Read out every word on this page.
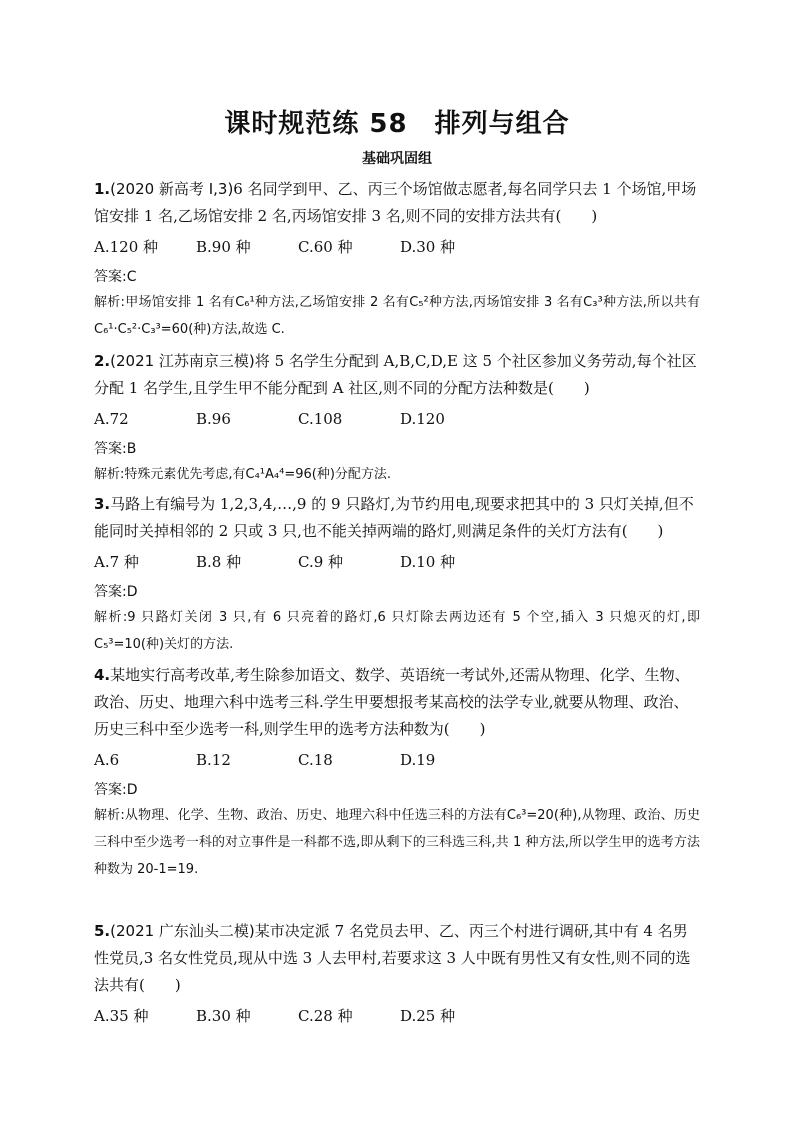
课时规范练 58　排列与组合
基础巩固组
1.(2020 新高考 Ⅰ,3)6 名同学到甲、乙、丙三个场馆做志愿者,每名同学只去 1 个场馆,甲场馆安排 1 名,乙场馆安排 2 名,丙场馆安排 3 名,则不同的安排方法共有(　　)
A.120 种	B.90 种	C.60 种	D.30 种
答案:C
解析:甲场馆安排 1 名有C₆¹种方法,乙场馆安排 2 名有C₅²种方法,丙场馆安排 3 名有C₃³种方法,所以共有C₆¹·C₅²·C₃³=60(种)方法,故选 C.
2.(2021 江苏南京三模)将 5 名学生分配到 A,B,C,D,E 这 5 个社区参加义务劳动,每个社区分配 1 名学生,且学生甲不能分配到 A 社区,则不同的分配方法种数是(　　)
A.72	B.96	C.108	D.120
答案:B
解析:特殊元素优先考虑,有C₄¹A₄⁴=96(种)分配方法.
3.马路上有编号为 1,2,3,4,…,9 的 9 只路灯,为节约用电,现要求把其中的 3 只灯关掉,但不能同时关掉相邻的 2 只或 3 只,也不能关掉两端的路灯,则满足条件的关灯方法有(　　)
A.7 种	B.8 种	C.9 种	D.10 种
答案:D
解析:9 只路灯关闭 3 只,有 6 只亮着的路灯,6 只灯除去两边还有 5 个空,插入 3 只熄灭的灯,即C₅³=10(种)关灯的方法.
4.某地实行高考改革,考生除参加语文、数学、英语统一考试外,还需从物理、化学、生物、政治、历史、地理六科中选考三科.学生甲要想报考某高校的法学专业,就要从物理、政治、历史三科中至少选考一科,则学生甲的选考方法种数为(　　)
A.6	B.12	C.18	D.19
答案:D
解析:从物理、化学、生物、政治、历史、地理六科中任选三科的方法有C₆³=20(种),从物理、政治、历史三科中至少选考一科的对立事件是一科都不选,即从剩下的三科选三科,共 1 种方法,所以学生甲的选考方法种数为 20-1=19.
5.(2021 广东汕头二模)某市决定派 7 名党员去甲、乙、丙三个村进行调研,其中有 4 名男性党员,3 名女性党员,现从中选 3 人去甲村,若要求这 3 人中既有男性又有女性,则不同的选法共有(　　)
A.35 种	B.30 种	C.28 种	D.25 种
